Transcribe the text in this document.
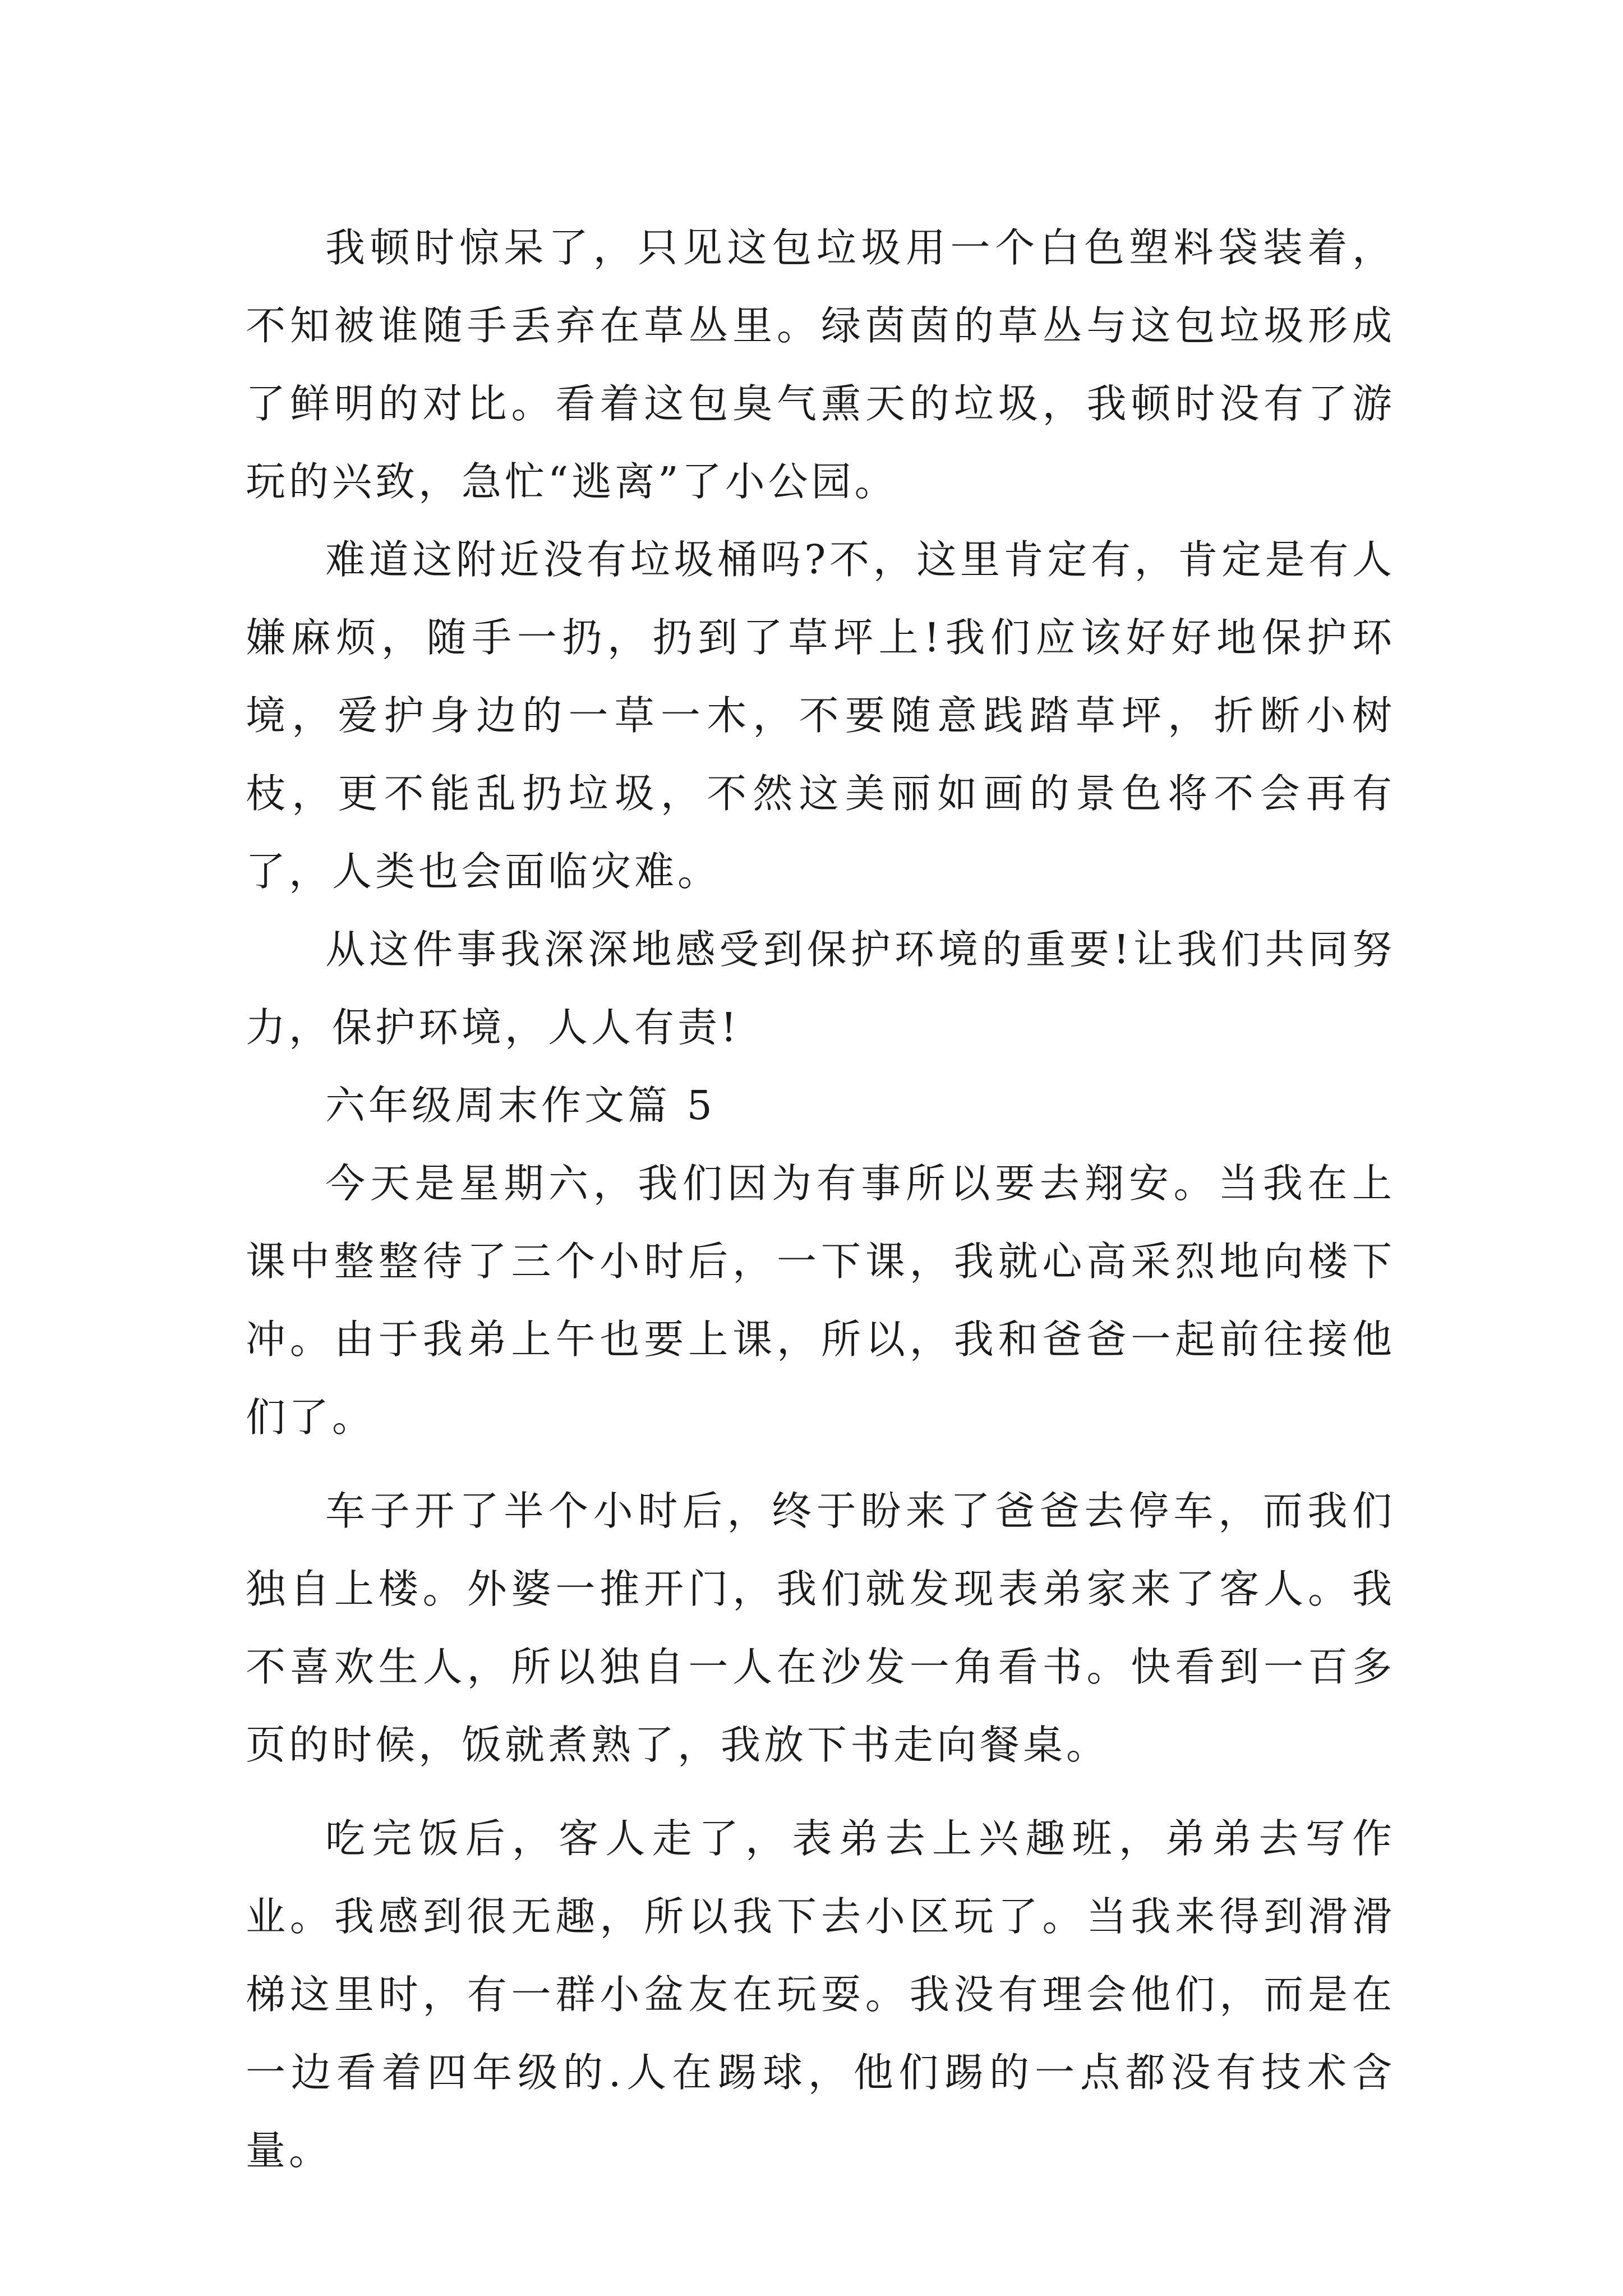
我顿时惊呆了，只见这包垃圾用一个白色塑料袋装着，不知被谁随手丢弃在草丛里。绿茵茵的草丛与这包垃圾形成了鲜明的对比。看着这包臭气熏天的垃圾，我顿时没有了游玩的兴致，急忙“逃离”了小公园。

难道这附近没有垃圾桶吗?不，这里肯定有，肯定是有人嫌麻烦，随手一扔，扔到了草坪上!我们应该好好地保护环境，爱护身边的一草一木，不要随意践踏草坪，折断小树枝，更不能乱扔垃圾，不然这美丽如画的景色将不会再有了，人类也会面临灾难。

从这件事我深深地感受到保护环境的重要!让我们共同努力，保护环境，人人有责!

六年级周末作文篇 5

今天是星期六，我们因为有事所以要去翔安。当我在上课中整整待了三个小时后，一下课，我就心高采烈地向楼下冲。由于我弟上午也要上课，所以，我和爸爸一起前往接他们了。

车子开了半个小时后，终于盼来了爸爸去停车，而我们独自上楼。外婆一推开门，我们就发现表弟家来了客人。我不喜欢生人，所以独自一人在沙发一角看书。快看到一百多页的时候，饭就煮熟了，我放下书走向餐桌。

吃完饭后，客人走了，表弟去上兴趣班，弟弟去写作业。我感到很无趣，所以我下去小区玩了。当我来得到滑滑梯这里时，有一群小盆友在玩耍。我没有理会他们，而是在一边看着四年级的.人在踢球，他们踢的一点都没有技术含量。
